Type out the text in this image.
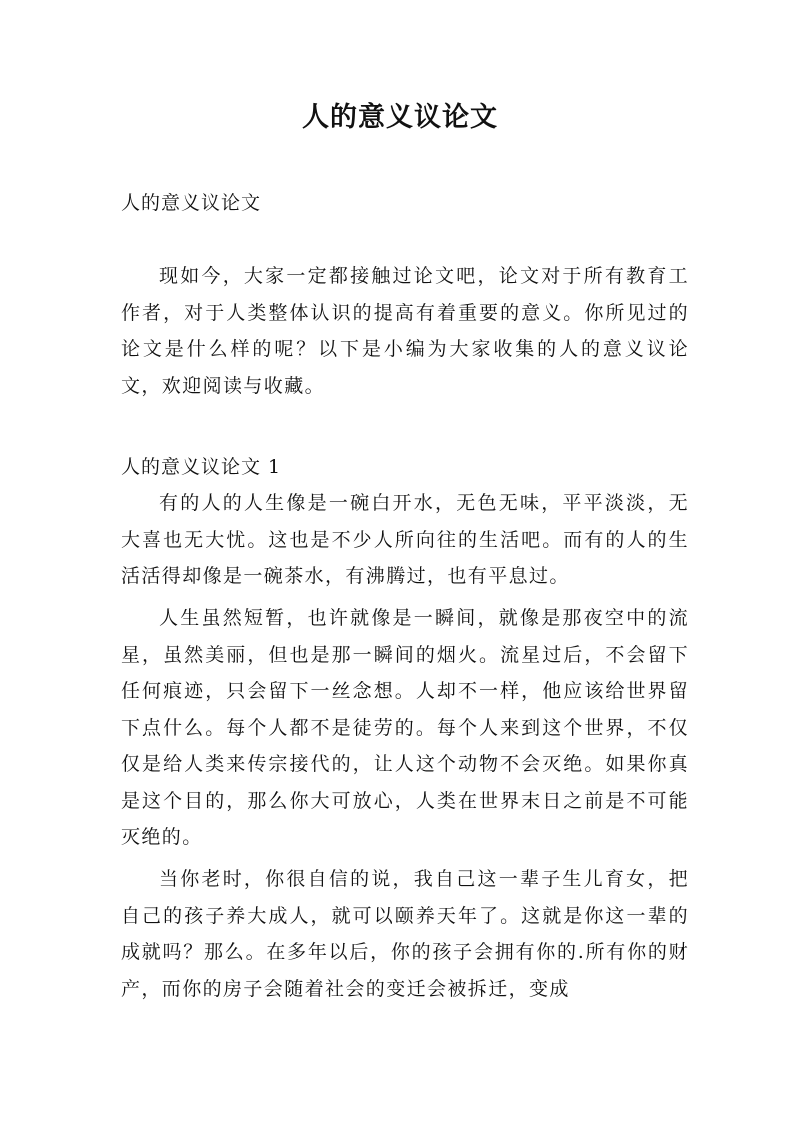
人的意义议论文
人的意义议论文

现如今，大家一定都接触过论文吧，论文对于所有教育工作者，对于人类整体认识的提高有着重要的意义。你所见过的论文是什么样的呢？以下是小编为大家收集的人的意义议论文，欢迎阅读与收藏。

人的意义议论文 1

有的人的人生像是一碗白开水，无色无味，平平淡淡，无大喜也无大忧。这也是不少人所向往的生活吧。而有的人的生活活得却像是一碗茶水，有沸腾过，也有平息过。

人生虽然短暂，也许就像是一瞬间，就像是那夜空中的流星，虽然美丽，但也是那一瞬间的烟火。流星过后，不会留下任何痕迹，只会留下一丝念想。人却不一样，他应该给世界留下点什么。每个人都不是徒劳的。每个人来到这个世界，不仅仅是给人类来传宗接代的，让人这个动物不会灭绝。如果你真是这个目的，那么你大可放心，人类在世界末日之前是不可能灭绝的。

当你老时，你很自信的说，我自己这一辈子生儿育女，把自己的孩子养大成人，就可以颐养天年了。这就是你这一辈的成就吗？那么。在多年以后，你的孩子会拥有你的.所有你的财产，而你的房子会随着社会的变迁会被拆迁，变成
